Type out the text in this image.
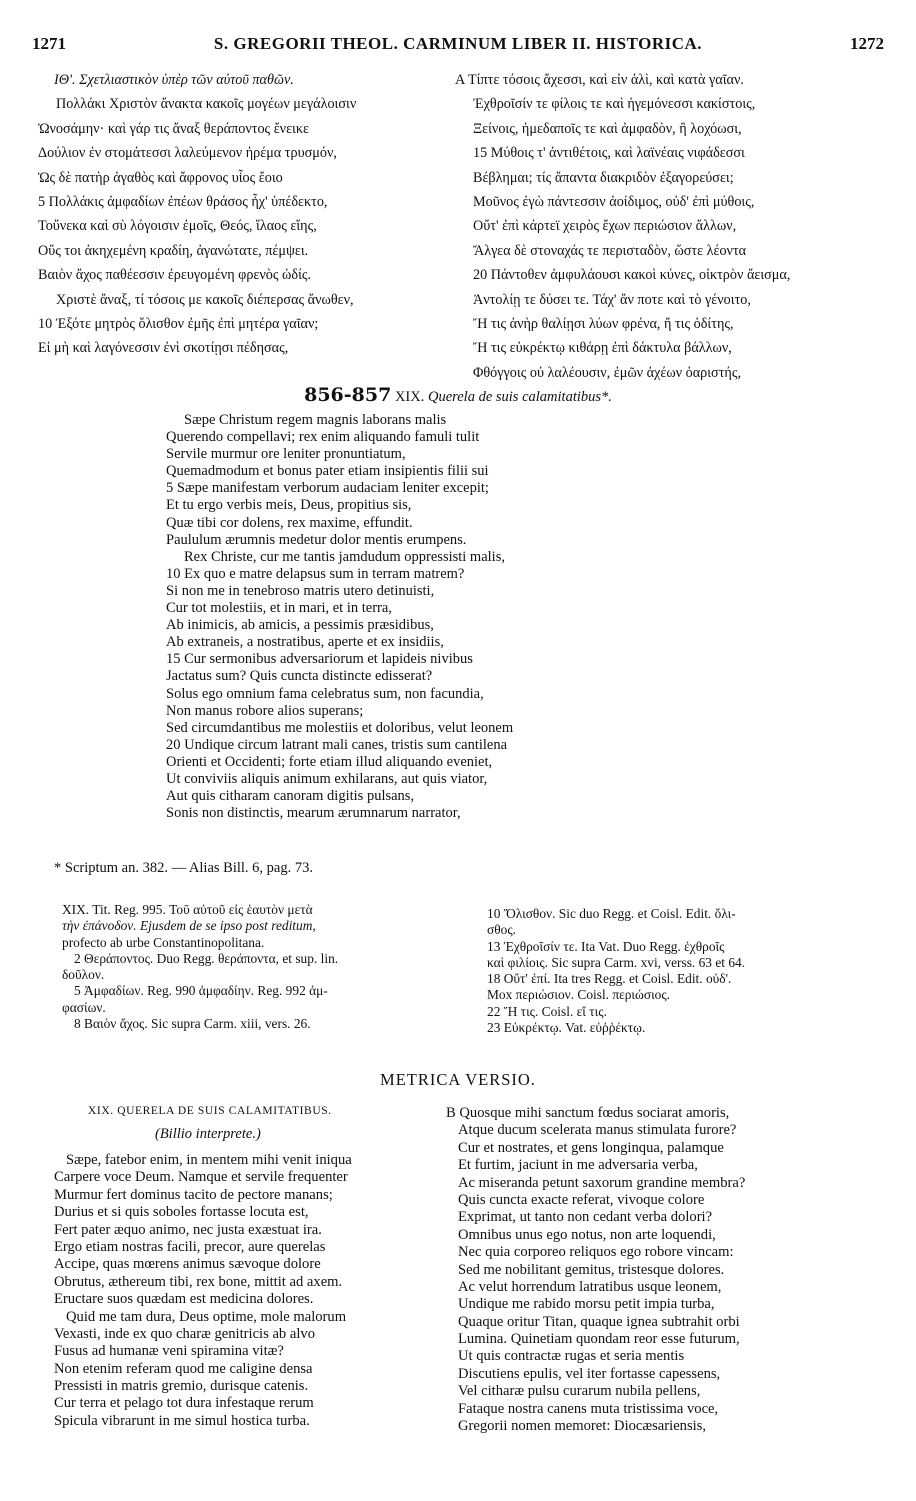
1271	S. GREGORII THEOL. CARMINUM LIBER II. HISTORICA.	1272
ΙΘ'. Σχετλιαστικὸν ὑπὲρ τῶν αὐτοῦ παθῶν.
Πολλάκι Χριστὸν ἄνακτα κακοῖς μογέων μεγάλοισιν
Ὠνοσάμην· καὶ γάρ τις ἄναξ θεράποντος ἔνεικε
Δούλιον ἐν στομάτεσσι λαλεύμενον ἠρέμα τρυσμόν,
Ὡς δὲ πατὴρ ἀγαθὸς καὶ ἄφρονος υἷος ἔοιο
5 Πολλάκις ἀμφαδίων ἐπέων θράσος ἦχ' ὑπέδεκτο,
Τοὔνεκα καὶ σὺ λόγοισιν ἐμοῖς, Θεός, ἵλαος εἴης,
Οὕς τοι ἀκηχεμένη κραδίη, ἀγανώτατε, πέμψει.
Βαιὸν ἄχος παθέεσσιν ἐρευγομένη φρενὸς ὠδίς.
Χριστὲ ἄναξ, τί τόσοις με κακοῖς διέπερσας ἄνωθεν,
10 Ἐξότε μητρὸς ὄλισθον ἐμῆς ἐπὶ μητέρα γαῖαν;
Εἰ μὴ καὶ λαγόνεσσιν ἐνὶ σκοτίῃσι πέδησας,
A Τίπτε τόσοις ἄχεσσι, καὶ εἰν ἁλὶ, καὶ κατὰ γαῖαν.
Ἐχθροῖσίν τε φίλοις τε καὶ ἡγεμόνεσσι κακίστοις,
Ξείνοις, ἡμεδαποῖς τε καὶ ἀμφαδὸν, ἢ λοχόωσι,
15 Μύθοις τ' ἀντιθέτοις, καὶ λαϊνέαις νιφάδεσσι
Βέβλημαι; τίς ἅπαντα διακριδὸν ἐξαγορεύσει;
Μοῦνος ἐγὼ πάντεσσιν ἀοίδιμος, οὐδ' ἐπὶ μύθοις,
Οὔτ' ἐπὶ κάρτεϊ χειρὸς ἔχων περιώσιον ἄλλων,
Ἄλγεα δὲ στοναχάς τε περισταδὸν, ὥστε λέοντα
20 Πάντοθεν ἀμφυλάουσι κακοὶ κύνες, οἰκτρὸν ἄεισμα,
Ἀντολίῃ τε δύσει τε. Τάχ' ἄν ποτε καὶ τὸ γένοιτο,
Ἤ τις ἀνὴρ θαλίῃσι λύων φρένα, ἤ τις ὁδίτης,
Ἤ τις εὐκρέκτῳ κιθάρῃ ἐπὶ δάκτυλα βάλλων,
Φθόγγοις οὐ λαλέουσιν, ἐμῶν ἀχέων ὀαριστής,
856-857 XIX. Querela de suis calamitatibus*.
Sæpe Christum regem magnis laborans malis
Querendo compellavi; rex enim aliquando famuli tulit
Servile murmur ore leniter pronuntiatum,
Quemadmodum et bonus pater etiam insipientis filii sui
5 Sæpe manifestam verborum audaciam leniter excepit;
Et tu ergo verbis meis, Deus, propitius sis,
Quæ tibi cor dolens, rex maxime, effundit.
Paululum ærumnis medetur dolor mentis erumpens.
Rex Christe, cur me tantis jamdudum oppressisti malis,
10 Ex quo e matre delapsus sum in terram matrem?
Si non me in tenebroso matris utero detinuisti,
Cur tot molestiis, et in mari, et in terra,
Ab inimicis, ab amicis, a pessimis præsidibus,
Ab extraneis, a nostratibus, aperte et ex insidiis,
15 Cur sermonibus adversariorum et lapideis nivibus
Jactatus sum? Quis cuncta distincte edisserat?
Solus ego omnium fama celebratus sum, non facundia,
Non manus robore alios superans;
Sed circumdantibus me molestiis et doloribus, velut leonem
20 Undique circum latrant mali canes, tristis sum cantilena
Orienti et Occidenti; forte etiam illud aliquando eveniet,
Ut conviviis aliquis animum exhilarans, aut quis viator,
Aut quis citharam canoram digitis pulsans,
Sonis non distinctis, mearum ærumnarum narrator,
* Scriptum an. 382. — Alias Bill. 6, pag. 73.
XIX. Tit. Reg. 995. Τοῦ αὐτοῦ εἰς ἑαυτὸν μετὰ
τὴν ἐπάνοδον. Ejusdem de se ipso post reditum,
profecto ab urbe Constantinopolitana.
2 Θεράποντος. Duo Regg. θεράποντα, et sup. lin.
δοῦλον.
5 Ἀμφαδίων. Reg. 990 ἀμφαδίην. Reg. 992 ἀμ-
φασίων.
8 Βαιὸν ἄχος. Sic supra Carm. xiii, vers. 26.
10 Ὄλισθον. Sic duo Regg. et Coisl. Edit. ὄλι-
σθος.
13 Ἐχθροῖσίν τε. Ita Vat. Duo Regg. ἐχθροῖς
καὶ φιλίοις. Sic supra Carm. xvi, verss. 63 et 64.
18 Οὔτ' ἐπί. Ita tres Regg. et Coisl. Edit. οὐδ'.
Mox περιώσιον. Coisl. περιώσιος.
22 Ἤ τις. Coisl. εἴ τις.
23 Εὐκρέκτῳ. Vat. εὐῤῥέκτῳ.
METRICA VERSIO.
XIX. QUERELA DE SUIS CALAMITATIBUS.
(Billio interprete.)
Sæpe, fatebor enim, in mentem mihi venit iniqua
Carpere voce Deum. Namque et servile frequenter
Murmur fert dominus tacito de pectore manans;
Durius et si quis soboles fortasse locuta est,
Fert pater æquo animo, nec justa exæstuat ira.
Ergo etiam nostras facili, precor, aure querelas
Accipe, quas mœrens animus sævoque dolore
Obrutus, æthereum tibi, rex bone, mittit ad axem.
Eructare suos quædam est medicina dolores.
Quid me tam dura, Deus optime, mole malorum
Vexasti, inde ex quo charæ genitricis ab alvo
Fusus ad humanæ veni spiramina vitæ?
Non etenim referam quod me caligine densa
Pressisti in matris gremio, durisque catenis.
Cur terra et pelago tot dura infestaque rerum
Spicula vibrarunt in me simul hostica turba.
B Quosque mihi sanctum fœdus sociarat amoris,
Atque ducum scelerata manus stimulata furore?
Cur et nostrates, et gens longinqua, palamque
Et furtim, jaciunt in me adversaria verba,
Ac miseranda petunt saxorum grandine membra?
Quis cuncta exacte referat, vivoque colore
Exprimat, ut tanto non cedant verba dolori?
Omnibus unus ego notus, non arte loquendi,
Nec quia corporeo reliquos ego robore vincam:
Sed me nobilitant gemitus, tristesque dolores.
Ac velut horrendum latratibus usque leonem,
Undique me rabido morsu petit impia turba,
Quaque oritur Titan, quaque ignea subtrahit orbi
Lumina. Quinetiam quondam reor esse futurum,
Ut quis contractæ rugas et seria mentis
Discutiens epulis, vel iter fortasse capessens,
Vel citharæ pulsu curarum nubila pellens,
Fataque nostra canens muta tristissima voce,
Gregorii nomen memoret: Diocæsariensis,
